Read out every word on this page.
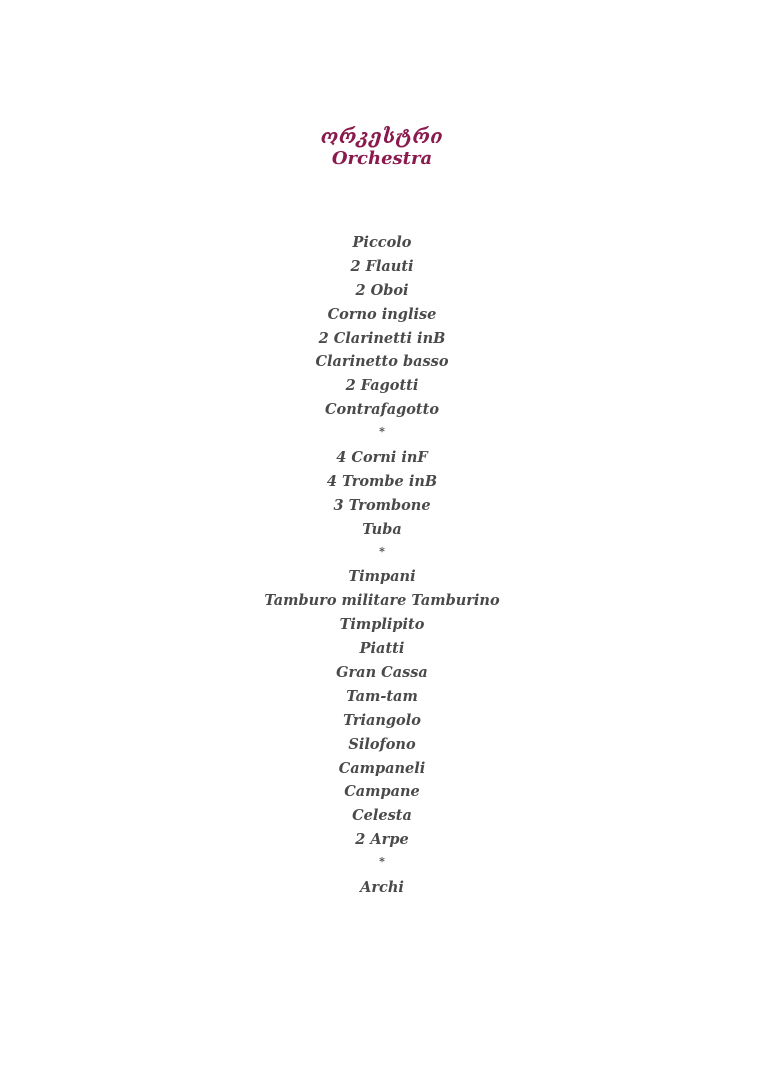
ორკესტრი
Orchestra
Piccolo
2 Flauti
2 Oboi
Corno inglise
2 Clarinetti inB
Clarinetto basso
2 Fagotti
Contrafagotto
*
4 Corni inF
4 Trombe inB
3 Trombone
Tuba
*
Timpani
Tamburo militare Tamburino
Timplipito
Piatti
Gran Cassa
Tam-tam
Triangolo
Silofono
Campaneli
Campane
Celesta
2 Arpe
*
Archi
